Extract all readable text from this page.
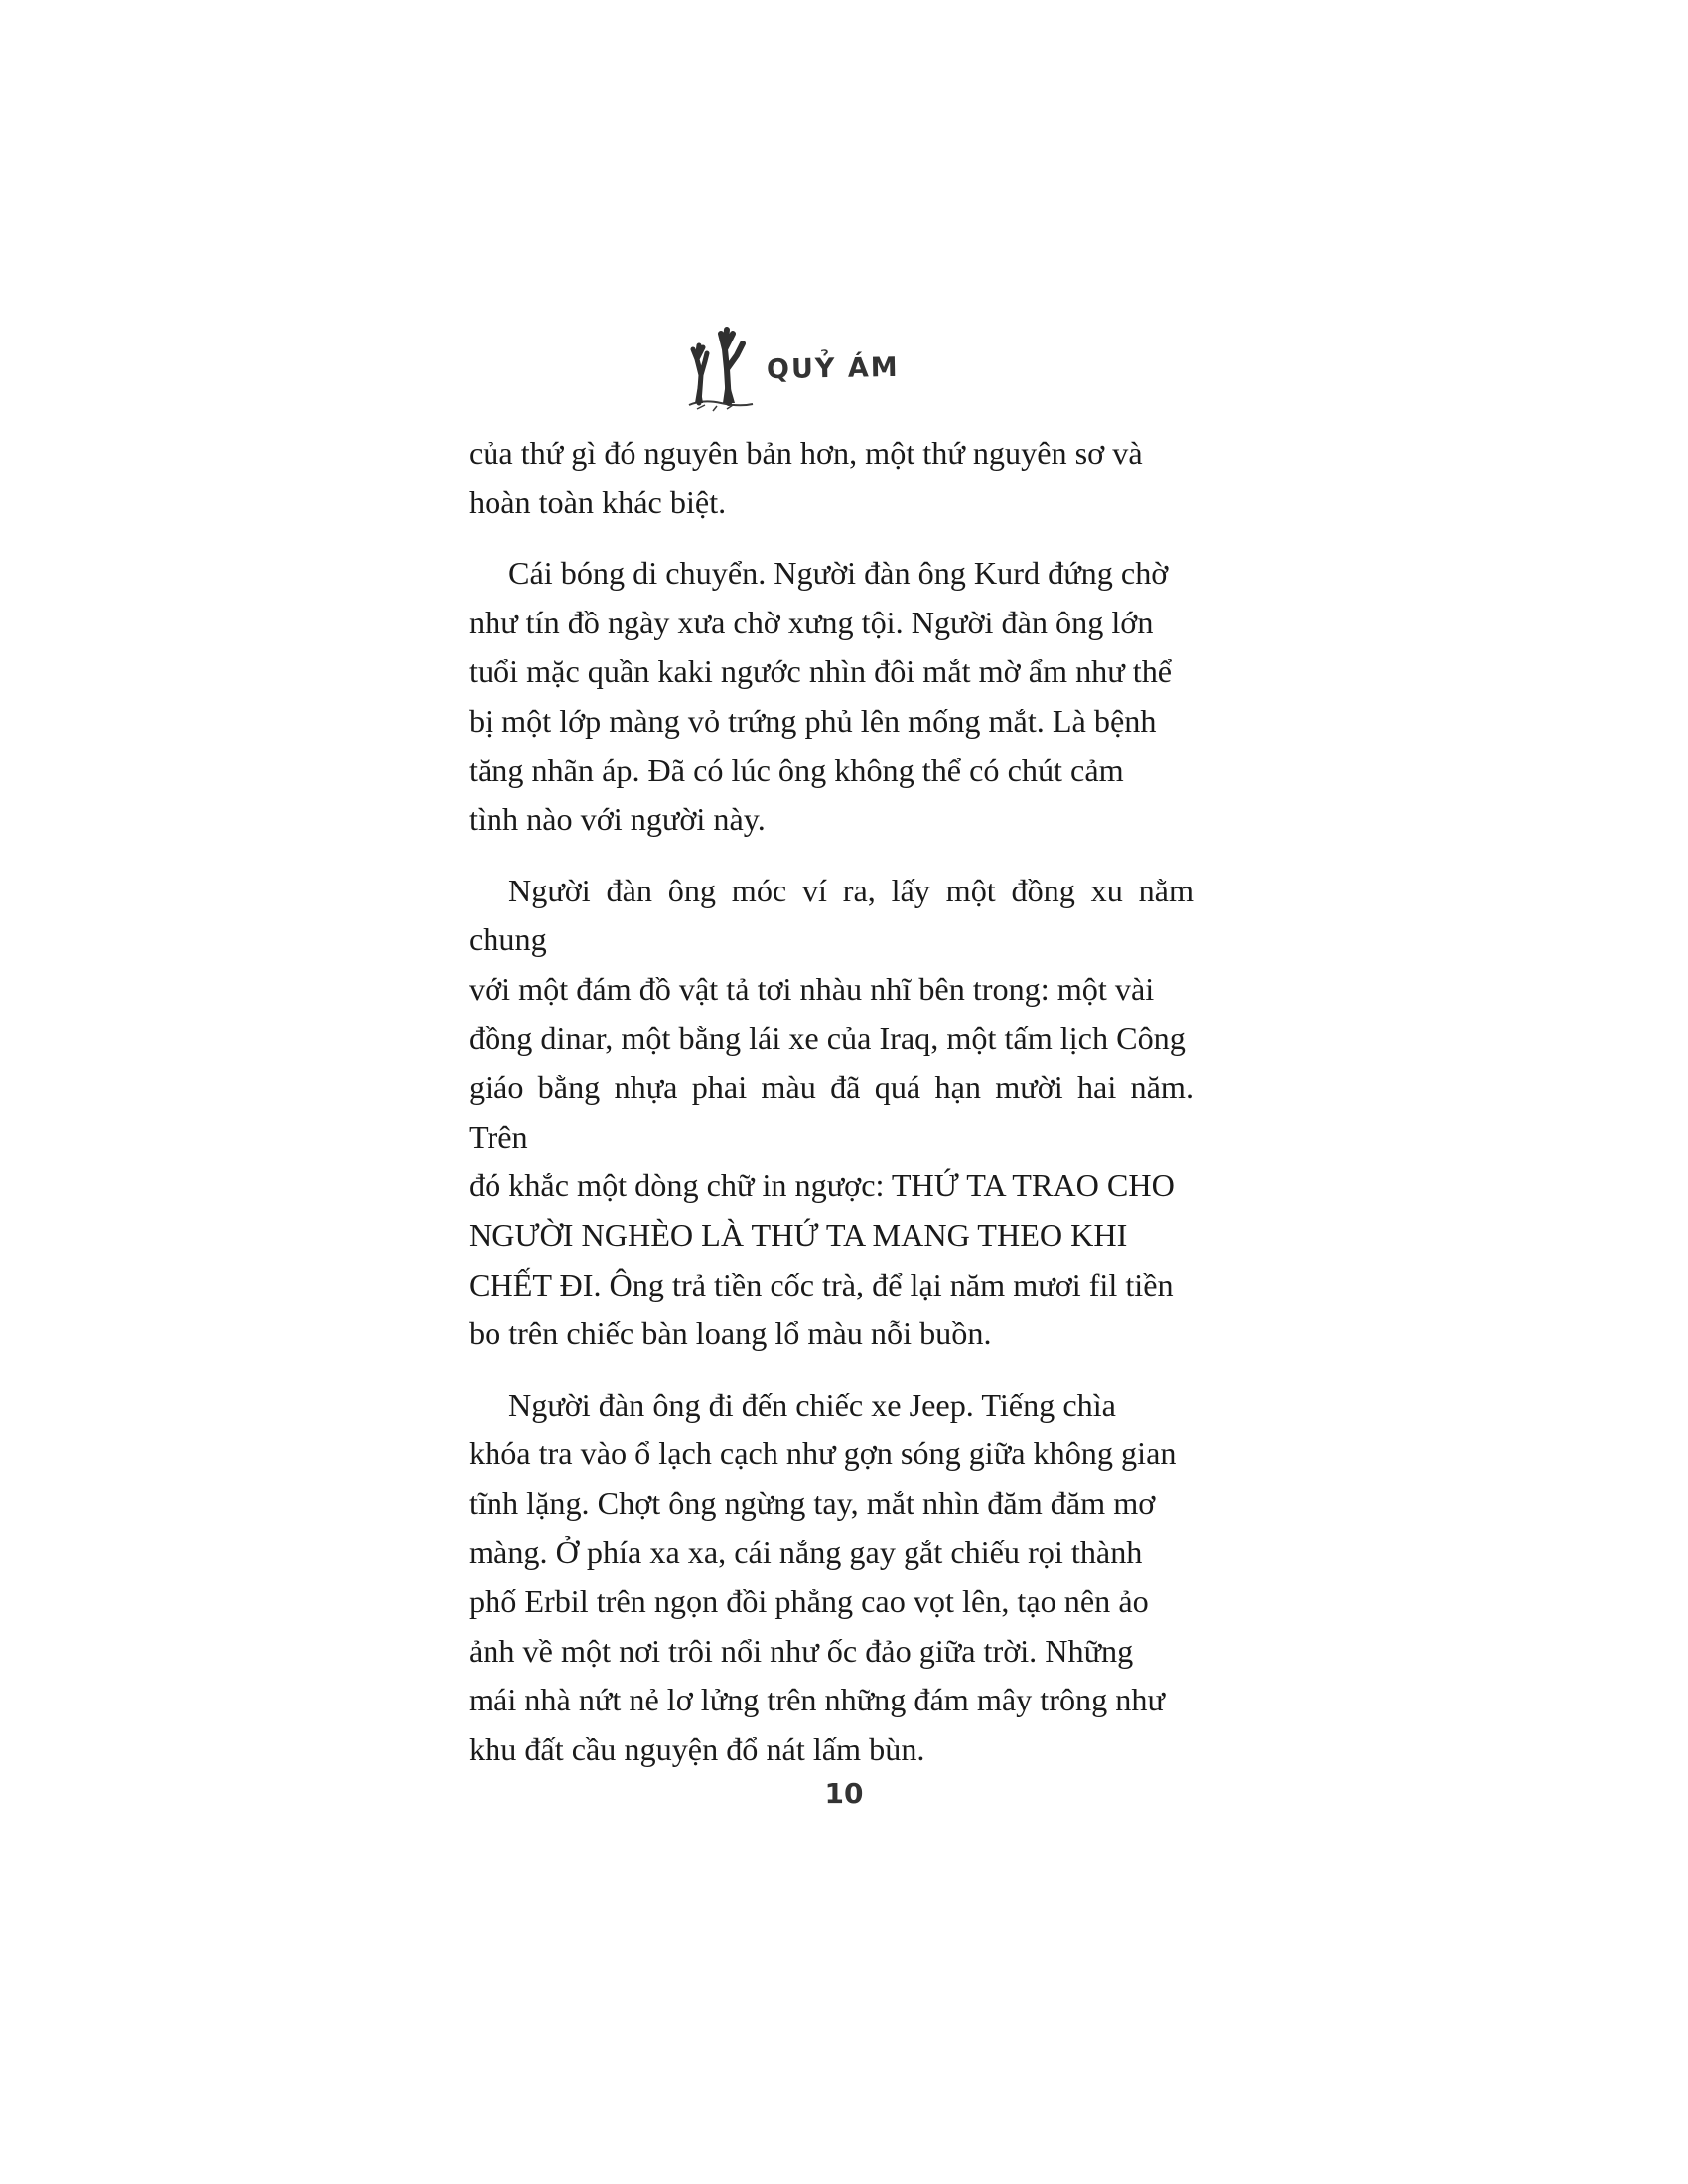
QUỶ ÁM

của thứ gì đó nguyên bản hơn, một thứ nguyên sơ và
hoàn toàn khác biệt.

Cái bóng di chuyển. Người đàn ông Kurd đứng chờ
như tín đồ ngày xưa chờ xưng tội. Người đàn ông lớn
tuổi mặc quần kaki ngước nhìn đôi mắt mờ ẩm như thể
bị một lớp màng vỏ trứng phủ lên mống mắt. Là bệnh
tăng nhãn áp. Đã có lúc ông không thể có chút cảm
tình nào với người này.

Người đàn ông móc ví ra, lấy một đồng xu nằm chung
với một đám đồ vật tả tơi nhàu nhĩ bên trong: một vài
đồng dinar, một bằng lái xe của Iraq, một tấm lịch Công
giáo bằng nhựa phai màu đã quá hạn mười hai năm. Trên
đó khắc một dòng chữ in ngược: THỨ TA TRAO CHO
NGƯỜI NGHÈO LÀ THỨ TA MANG THEO KHI
CHẾT ĐI. Ông trả tiền cốc trà, để lại năm mươi fil tiền
bo trên chiếc bàn loang lổ màu nỗi buồn.

Người đàn ông đi đến chiếc xe Jeep. Tiếng chìa
khóa tra vào ổ lạch cạch như gợn sóng giữa không gian
tĩnh lặng. Chợt ông ngừng tay, mắt nhìn đăm đăm mơ
màng. Ở phía xa xa, cái nắng gay gắt chiếu rọi thành
phố Erbil trên ngọn đồi phẳng cao vọt lên, tạo nên ảo
ảnh về một nơi trôi nổi như ốc đảo giữa trời. Những
mái nhà nứt nẻ lơ lửng trên những đám mây trông như
khu đất cầu nguyện đổ nát lấm bùn.

10
